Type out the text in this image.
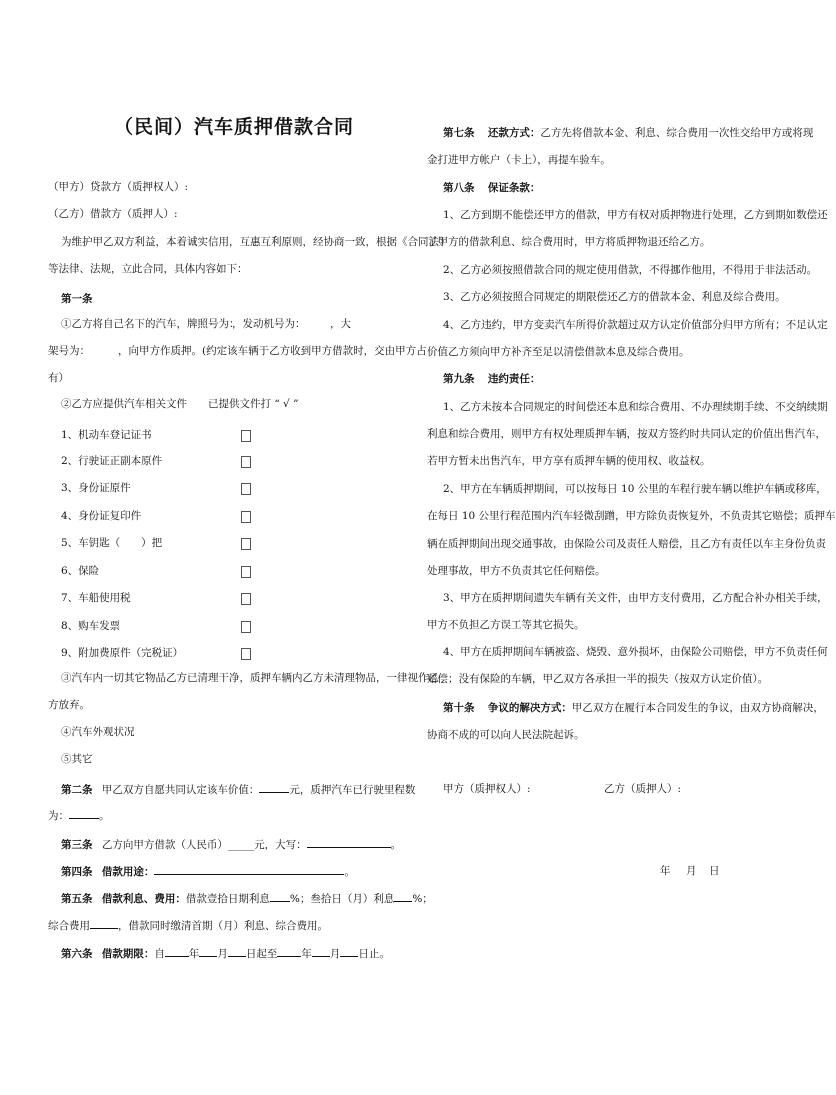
（民间）汽车质押借款合同
（甲方）贷款方（质押权人）:
（乙方）借款方（质押人）:
为维护甲乙双方利益，本着诚实信用，互惠互利原则，经协商一致，根据《合同法》
等法律、法规，立此合同，具体内容如下：
第一条
①乙方将自己名下的汽车，牌照号为：
，发动机号为： ，大
架号为：	，向甲方作质押。(约定该车辆于乙方收到甲方借款时，交由甲方占
有）
②乙方应提供汽车相关文件　　已提供文件打 “ √ ”
1、机动车登记证书
2、行驶证正副本原件
3、身份证原件
4、身份证复印件
5、车钥匙（　　）把
6、保险
7、车船使用税
8、购车发票
9、附加费原件（完税证）
③汽车内一切其它物品乙方已清理干净，质押车辆内乙方未清理物品，一律视作乙
方放弃。
④汽车外观状况
⑤其它
第二条 甲乙双方自愿共同认定该车价值：	元，质押汽车已行驶里程数
为：	。
第三条 乙方向甲方借款（人民币）_____元，大写：	。
第四条 借款用途：	。
第五条 借款利息、费用：借款壹拾日期利息 %；叁拾日（月）利息 %；
综合费用	，借款同时缴清首期（月）利息、综合费用。
第六条 借款期限：自 年 月 日起至 年 月 日止。
第七条 还款方式：乙方先将借款本金、利息、综合费用一次性交给甲方或将现
金打进甲方帐户（卡上），再提车验车。
第八条 保证条款：
1、乙方到期不能偿还甲方的借款，甲方有权对质押物进行处理，乙方到期如数偿还
了甲方的借款利息、综合费用时，甲方将质押物退还给乙方。
2、乙方必须按照借款合同的规定使用借款，不得挪作他用，不得用于非法活动。
3、乙方必须按照合同规定的期限偿还乙方的借款本金、利息及综合费用。
4、乙方违约，甲方变卖汽车所得价款超过双方认定价值部分归甲方所有；不足认定
价值乙方须向甲方补齐至足以清偿借款本息及综合费用。
第九条 违约责任：
1、乙方未按本合同规定的时间偿还本息和综合费用、不办理续期手续、不交纳续期
利息和综合费用，则甲方有权处理质押车辆，按双方签约时共同认定的价值出售汽车，
若甲方暂未出售汽车，甲方享有质押车辆的使用权、收益权。
2、甲方在车辆质押期间，可以按每日 10 公里的车程行驶车辆以维护车辆或移库，
在每日 10 公里行程范围内汽车轻微刮蹭，甲方除负责恢复外，不负责其它赔偿；质押车
辆在质押期间出现交通事故，由保险公司及责任人赔偿，且乙方有责任以车主身份负责
处理事故，甲方不负责其它任何赔偿。
3、甲方在质押期间遗失车辆有关文件，由甲方支付费用，乙方配合补办相关手续，
甲方不负担乙方误工等其它损失。
4、甲方在质押期间车辆被盗、烧毁、意外损坏，由保险公司赔偿，甲方不负责任何
赔偿；没有保险的车辆，甲乙双方各承担一半的损失（按双方认定价值）。
第十条 争议的解决方式：甲乙双方在履行本合同发生的争议，由双方协商解决，
协商不成的可以向人民法院起诉。
甲方（质押权人）:	乙方（质押人）:
年 月 日
